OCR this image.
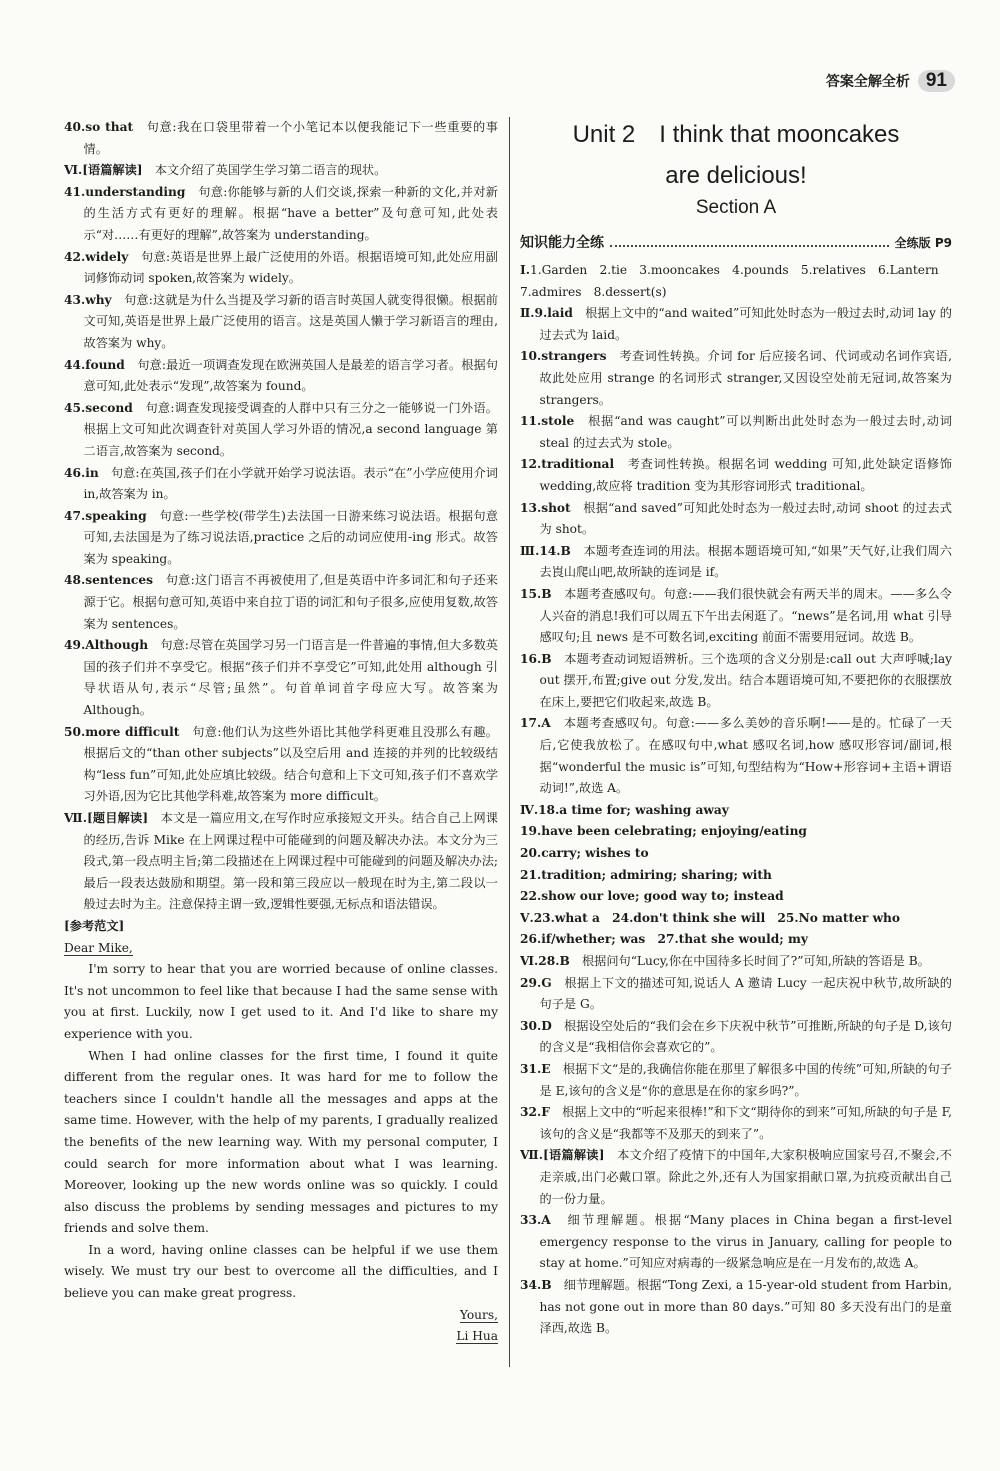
答案全解全析 91

40.so that　句意:我在口袋里带着一个小笔记本以便我能记下一些重要的事情。

Ⅵ.[语篇解读]　本文介绍了英国学生学习第二语言的现状。

41.understanding　句意:你能够与新的人们交谈,探索一种新的文化,并对新的生活方式有更好的理解。根据“have a better”及句意可知,此处表示“对……有更好的理解”,故答案为 understanding。

42.widely　句意:英语是世界上最广泛使用的外语。根据语境可知,此处应用副词修饰动词 spoken,故答案为 widely。

43.why　句意:这就是为什么当提及学习新的语言时英国人就变得很懒。根据前文可知,英语是世界上最广泛使用的语言。这是英国人懒于学习新语言的理由,故答案为 why。

44.found　句意:最近一项调查发现在欧洲英国人是最差的语言学习者。根据句意可知,此处表示“发现”,故答案为 found。

45.second　句意:调查发现接受调查的人群中只有三分之一能够说一门外语。根据上文可知此次调查针对英国人学习外语的情况,a second language 第二语言,故答案为 second。

46.in　句意:在英国,孩子们在小学就开始学习说法语。表示“在”小学应使用介词 in,故答案为 in。

47.speaking　句意:一些学校(带学生)去法国一日游来练习说法语。根据句意可知,去法国是为了练习说法语,practice 之后的动词应使用-ing 形式。故答案为 speaking。

48.sentences　句意:这门语言不再被使用了,但是英语中许多词汇和句子还来源于它。根据句意可知,英语中来自拉丁语的词汇和句子很多,应使用复数,故答案为 sentences。

49.Although　句意:尽管在英国学习另一门语言是一件普遍的事情,但大多数英国的孩子们并不享受它。根据“孩子们并不享受它”可知,此处用 although 引导状语从句,表示“尽管;虽然”。句首单词首字母应大写。故答案为 Although。

50.more difficult　句意:他们认为这些外语比其他学科更难且没那么有趣。根据后文的“than other subjects”以及空后用 and 连接的并列的比较级结构“less fun”可知,此处应填比较级。结合句意和上下文可知,孩子们不喜欢学习外语,因为它比其他学科难,故答案为 more difficult。

Ⅶ.[题目解读]　本文是一篇应用文,在写作时应承接短文开头。结合自己上网课的经历,告诉 Mike 在上网课过程中可能碰到的问题及解决办法。本文分为三段式,第一段点明主旨;第二段描述在上网课过程中可能碰到的问题及解决办法;最后一段表达鼓励和期望。第一段和第三段应以一般现在时为主,第二段以一般过去时为主。注意保持主谓一致,逻辑性要强,无标点和语法错误。

[参考范文]

Dear Mike,

I'm sorry to hear that you are worried because of online classes. It's not uncommon to feel like that because I had the same sense with you at first. Luckily, now I get used to it. And I'd like to share my experience with you.

When I had online classes for the first time, I found it quite different from the regular ones. It was hard for me to follow the teachers since I couldn't handle all the messages and apps at the same time. However, with the help of my parents, I gradually realized the benefits of the new learning way. With my personal computer, I could search for more information about what I was learning. Moreover, looking up the new words online was so quickly. I could also discuss the problems by sending messages and pictures to my friends and solve them.

In a word, having online classes can be helpful if we use them wisely. We must try our best to overcome all the difficulties, and I believe you can make great progress.

Yours,

Li Hua

Unit 2　I think that mooncakes

are delicious!

Section A

知识能力全练	全练版 P9

Ⅰ.1.Garden　2.tie　3.mooncakes　4.pounds　5.relatives　6.Lantern

7.admires　8.dessert(s)

Ⅱ.9.laid　根据上文中的“and waited”可知此处时态为一般过去时,动词 lay 的过去式为 laid。

10.strangers　考查词性转换。介词 for 后应接名词、代词或动名词作宾语,故此处应用 strange 的名词形式 stranger,又因设空处前无冠词,故答案为 strangers。

11.stole　根据“and was caught”可以判断出此处时态为一般过去时,动词 steal 的过去式为 stole。

12.traditional　考查词性转换。根据名词 wedding 可知,此处缺定语修饰 wedding,故应将 tradition 变为其形容词形式 traditional。

13.shot　根据“and saved”可知此处时态为一般过去时,动词 shoot 的过去式为 shot。

Ⅲ.14.B　本题考查连词的用法。根据本题语境可知,“如果”天气好,让我们周六去崀山爬山吧,故所缺的连词是 if。

15.B　本题考查感叹句。句意:——我们很快就会有两天半的周末。——多么令人兴奋的消息!我们可以周五下午出去闲逛了。“news”是名词,用 what 引导感叹句;且 news 是不可数名词,exciting 前面不需要用冠词。故选 B。

16.B　本题考查动词短语辨析。三个选项的含义分别是:call out 大声呼喊;lay out 摆开,布置;give out 分发,发出。结合本题语境可知,不要把你的衣服摆放在床上,要把它们收起来,故选 B。

17.A　本题考查感叹句。句意:——多么美妙的音乐啊!——是的。忙碌了一天后,它使我放松了。在感叹句中,what 感叹名词,how 感叹形容词/副词,根据“wonderful the music is”可知,句型结构为“How+形容词+主语+谓语动词!”,故选 A。

Ⅳ.18.a time for; washing away

19.have been celebrating; enjoying/eating

20.carry; wishes to

21.tradition; admiring; sharing; with

22.show our love; good way to; instead

Ⅴ.23.what a　24.don't think she will　25.No matter who

26.if/whether; was　27.that she would; my

Ⅵ.28.B　根据问句“Lucy,你在中国待多长时间了?”可知,所缺的答语是 B。

29.G　根据上下文的描述可知,说话人 A 邀请 Lucy 一起庆祝中秋节,故所缺的句子是 G。

30.D　根据设空处后的“我们会在乡下庆祝中秋节”可推断,所缺的句子是 D,该句的含义是“我相信你会喜欢它的”。

31.E　根据下文“是的,我确信你能在那里了解很多中国的传统”可知,所缺的句子是 E,该句的含义是“你的意思是在你的家乡吗?”。

32.F　根据上文中的“听起来很棒!”和下文“期待你的到来”可知,所缺的句子是 F,该句的含义是“我都等不及那天的到来了”。

Ⅶ.[语篇解读]　本文介绍了疫情下的中国年,大家积极响应国家号召,不聚会,不走亲戚,出门必戴口罩。除此之外,还有人为国家捐献口罩,为抗疫贡献出自己的一份力量。

33.A　细节理解题。根据“Many places in China began a first-level emergency response to the virus in January, calling for people to stay at home.”可知应对病毒的一级紧急响应是在一月发布的,故选 A。

34.B　细节理解题。根据“Tong Zexi, a 15-year-old student from Harbin, has not gone out in more than 80 days.”可知 80 多天没有出门的是童泽西,故选 B。
